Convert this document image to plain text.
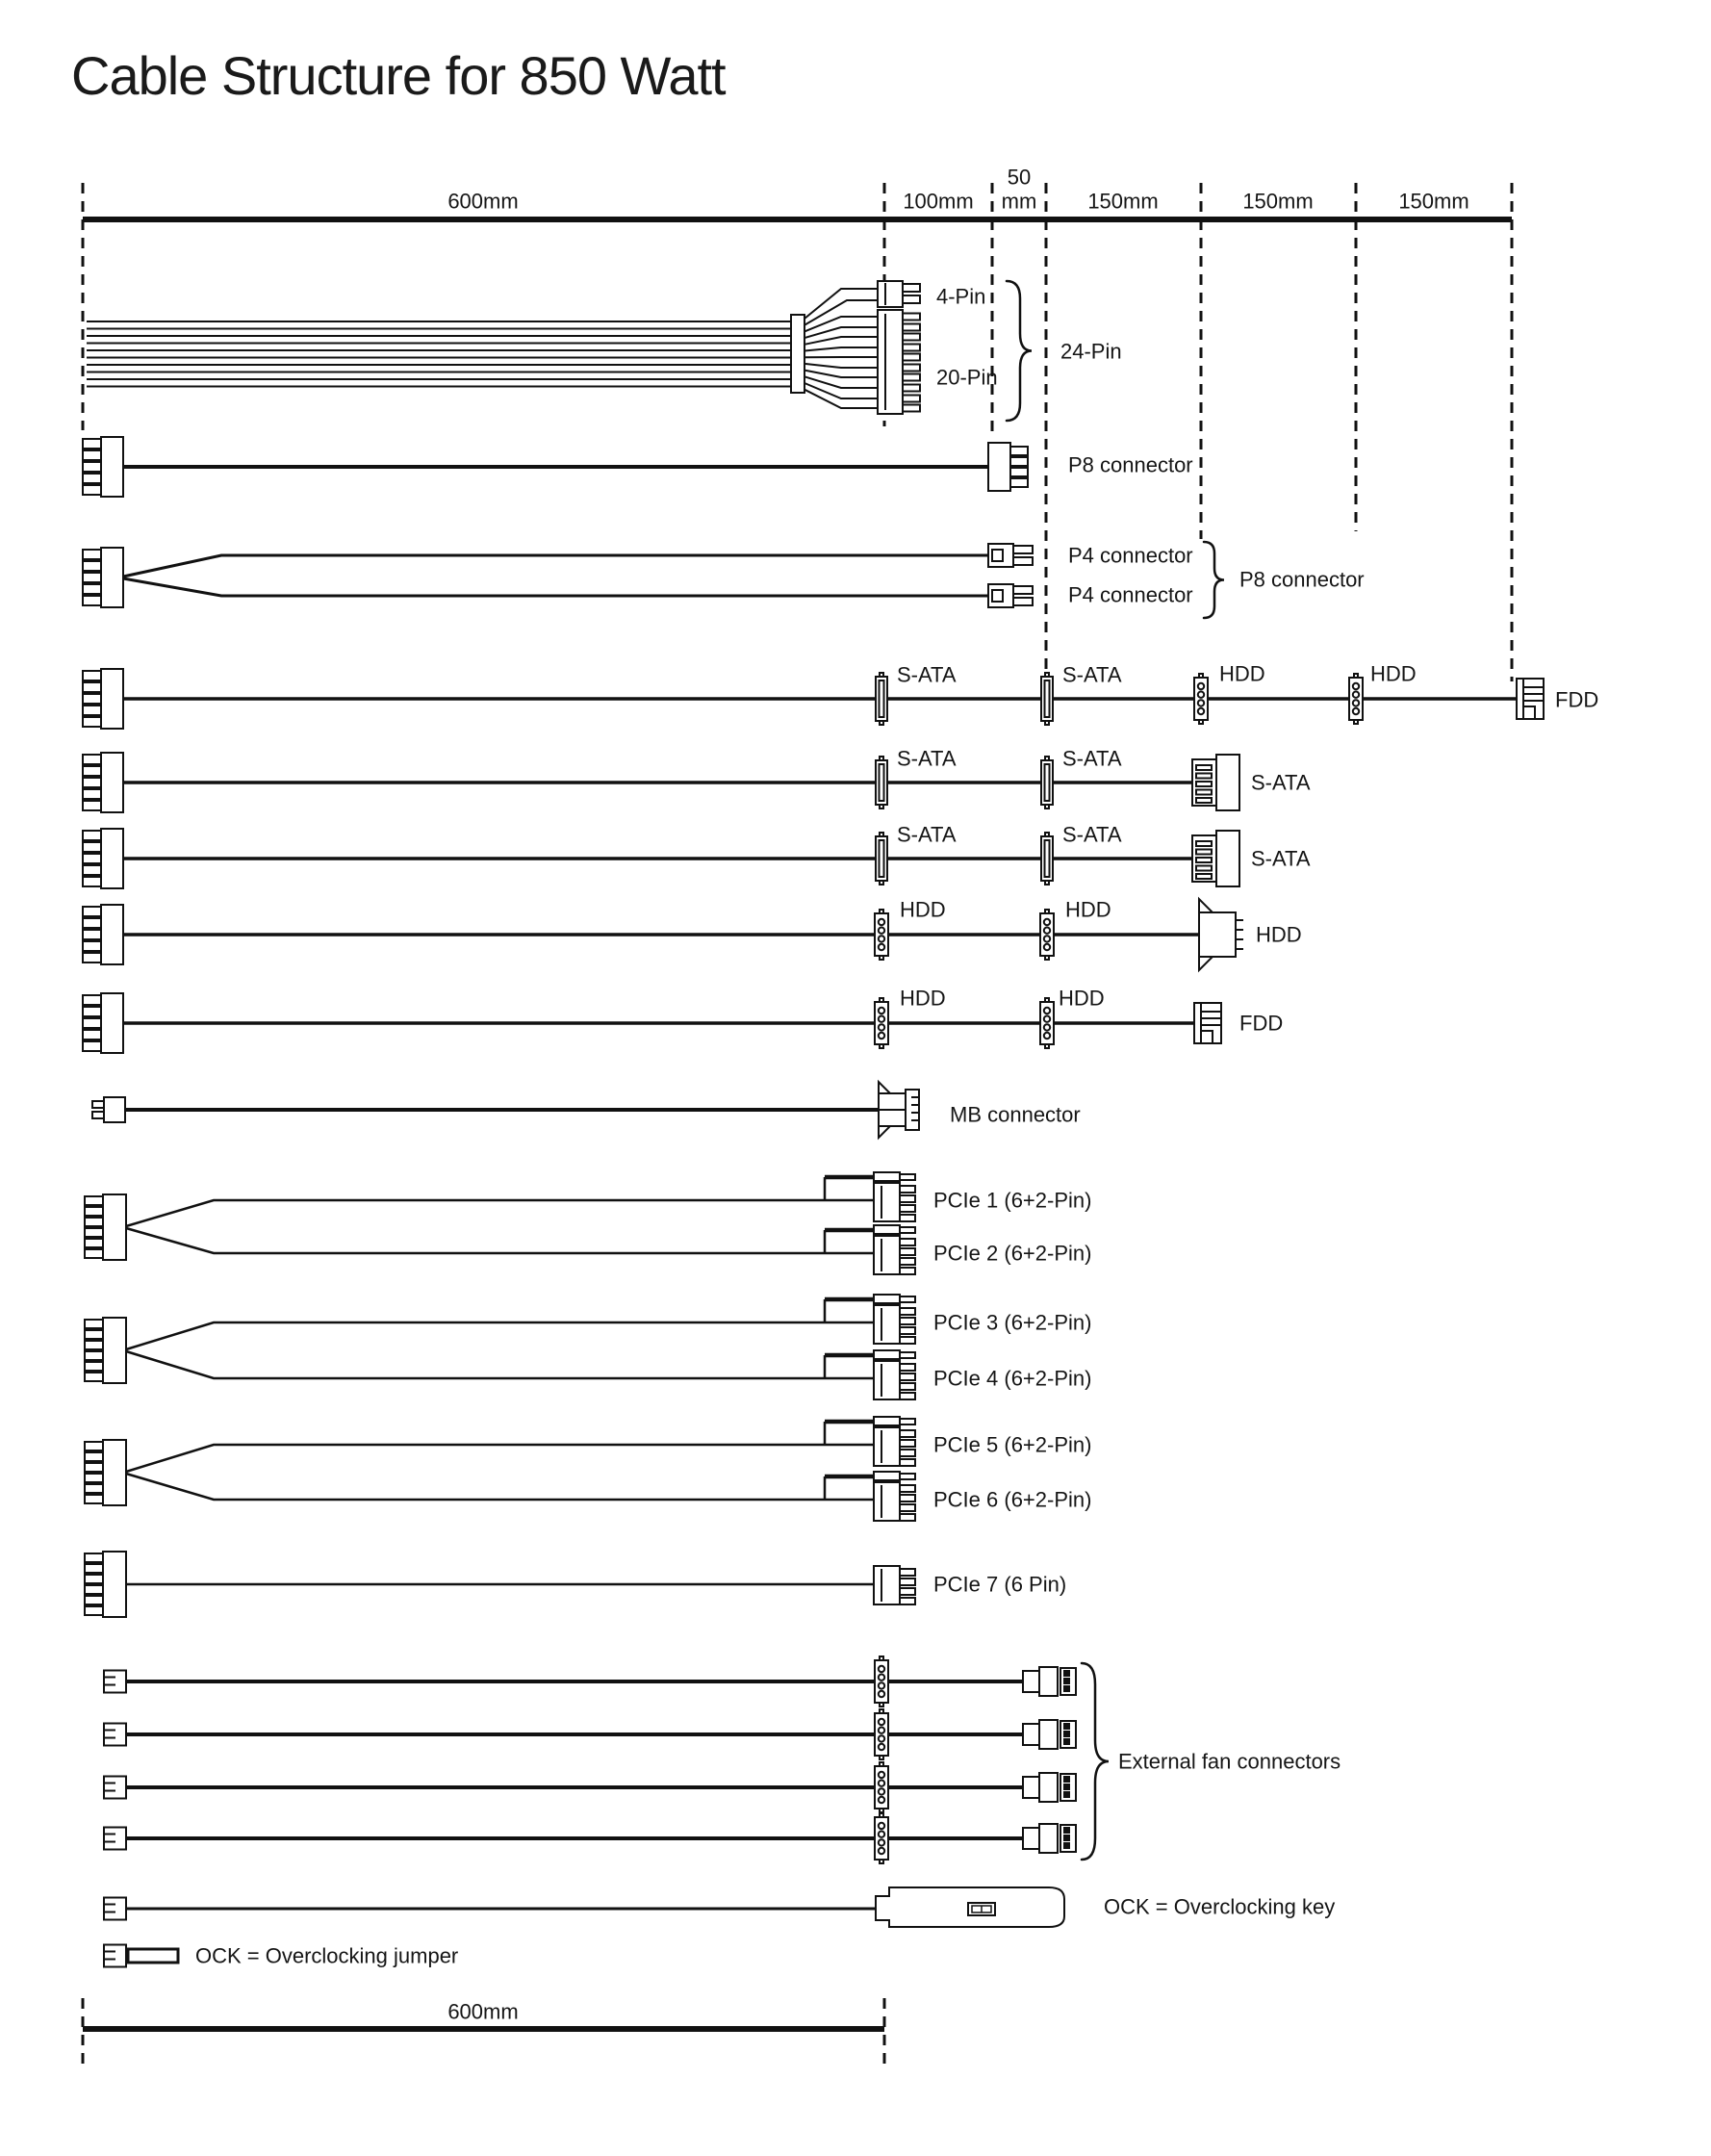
Cable Structure for 850 Watt
600mm	100mm
50
mm 150mm	150mm	150mm
4-Pin
20-Pin
24-Pin
P8 connector
P4 connector
P4 connector
P8 connector
S-ATA	S-ATA	HDD	HDD
FDD
S-ATA	S-ATA
S-ATA
S-ATA	S-ATA
S-ATA
HDD	HDD
HDD
HDD	HDD
FDD
MB connector
PCIe 1 (6+2-Pin)
PCIe 2 (6+2-Pin)
PCIe 3 (6+2-Pin)
PCIe 4 (6+2-Pin)
PCIe 5 (6+2-Pin)
PCIe 6 (6+2-Pin)
PCIe 7 (6 Pin)
External fan connectors
OCK = Overclocking key
OCK = Overclocking jumper
600mm
